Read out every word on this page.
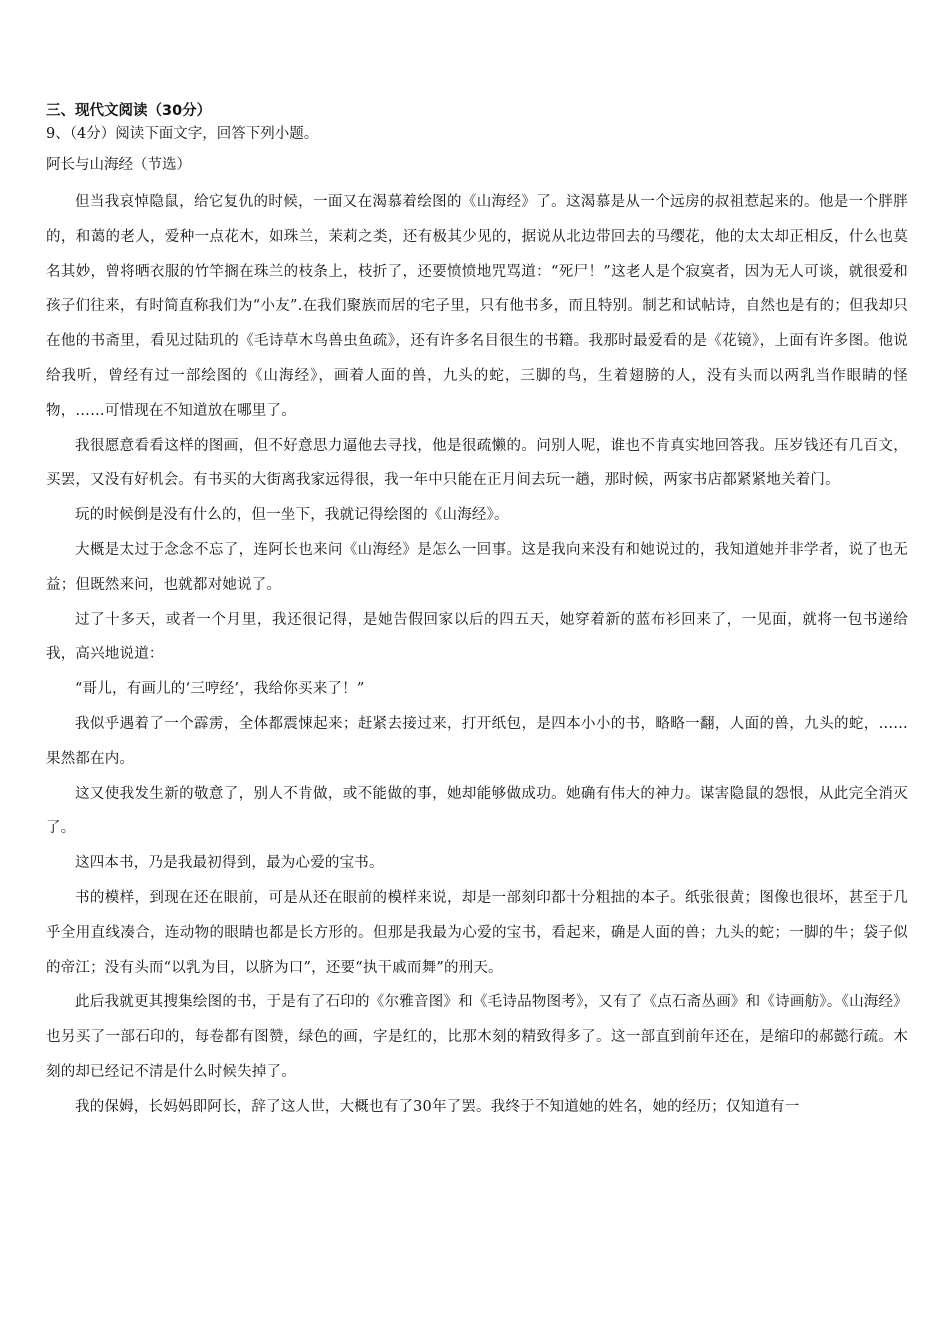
三、现代文阅读（30分）

9、（4分）阅读下面文字，回答下列小题。

阿长与山海经（节选）

但当我哀悼隐鼠，给它复仇的时候，一面又在渴慕着绘图的《山海经》了。这渴慕是从一个远房的叔祖惹起来的。他是一个胖胖的，和蔼的老人，爱种一点花木，如珠兰，茉莉之类，还有极其少见的，据说从北边带回去的马缨花，他的太太却正相反，什么也莫名其妙，曾将晒衣服的竹竿搁在珠兰的枝条上，枝折了，还要愤愤地咒骂道：“死尸！”这老人是个寂寞者，因为无人可谈，就很爱和孩子们往来，有时简直称我们为“小友”.在我们聚族而居的宅子里，只有他书多，而且特别。制艺和试帖诗，自然也是有的；但我却只在他的书斋里，看见过陆玑的《毛诗草木鸟兽虫鱼疏》，还有许多名目很生的书籍。我那时最爱看的是《花镜》，上面有许多图。他说给我听，曾经有过一部绘图的《山海经》，画着人面的兽，九头的蛇，三脚的鸟，生着翅膀的人，没有头而以两乳当作眼睛的怪物，……可惜现在不知道放在哪里了。

我很愿意看看这样的图画，但不好意思力逼他去寻找，他是很疏懒的。问别人呢，谁也不肯真实地回答我。压岁钱还有几百文，买罢，又没有好机会。有书买的大街离我家远得很，我一年中只能在正月间去玩一趟，那时候，两家书店都紧紧地关着门。

玩的时候倒是没有什么的，但一坐下，我就记得绘图的《山海经》。

大概是太过于念念不忘了，连阿长也来问《山海经》是怎么一回事。这是我向来没有和她说过的，我知道她并非学者，说了也无益；但既然来问，也就都对她说了。

过了十多天，或者一个月里，我还很记得，是她告假回家以后的四五天，她穿着新的蓝布衫回来了，一见面，就将一包书递给我，高兴地说道：

“哥儿，有画儿的‘三哼经’，我给你买来了！”

我似乎遇着了一个霹雳，全体都震悚起来；赶紧去接过来，打开纸包，是四本小小的书，略略一翻，人面的兽，九头的蛇，……果然都在内。

这又使我发生新的敬意了，别人不肯做，或不能做的事，她却能够做成功。她确有伟大的神力。谋害隐鼠的怨恨，从此完全消灭了。

这四本书，乃是我最初得到，最为心爱的宝书。

书的模样，到现在还在眼前，可是从还在眼前的模样来说，却是一部刻印都十分粗拙的本子。纸张很黄；图像也很坏，甚至于几乎全用直线凑合，连动物的眼睛也都是长方形的。但那是我最为心爱的宝书，看起来，确是人面的兽；九头的蛇；一脚的牛；袋子似的帝江；没有头而“以乳为目，以脐为口”，还要“执干戚而舞”的刑天。

此后我就更其搜集绘图的书，于是有了石印的《尔雅音图》和《毛诗品物图考》，又有了《点石斋丛画》和《诗画舫》。《山海经》也另买了一部石印的，每卷都有图赞，绿色的画，字是红的，比那木刻的精致得多了。这一部直到前年还在，是缩印的郝懿行疏。木刻的却已经记不清是什么时候失掉了。

我的保姆，长妈妈即阿长，辞了这人世，大概也有了30年了罢。我终于不知道她的姓名，她的经历；仅知道有一
